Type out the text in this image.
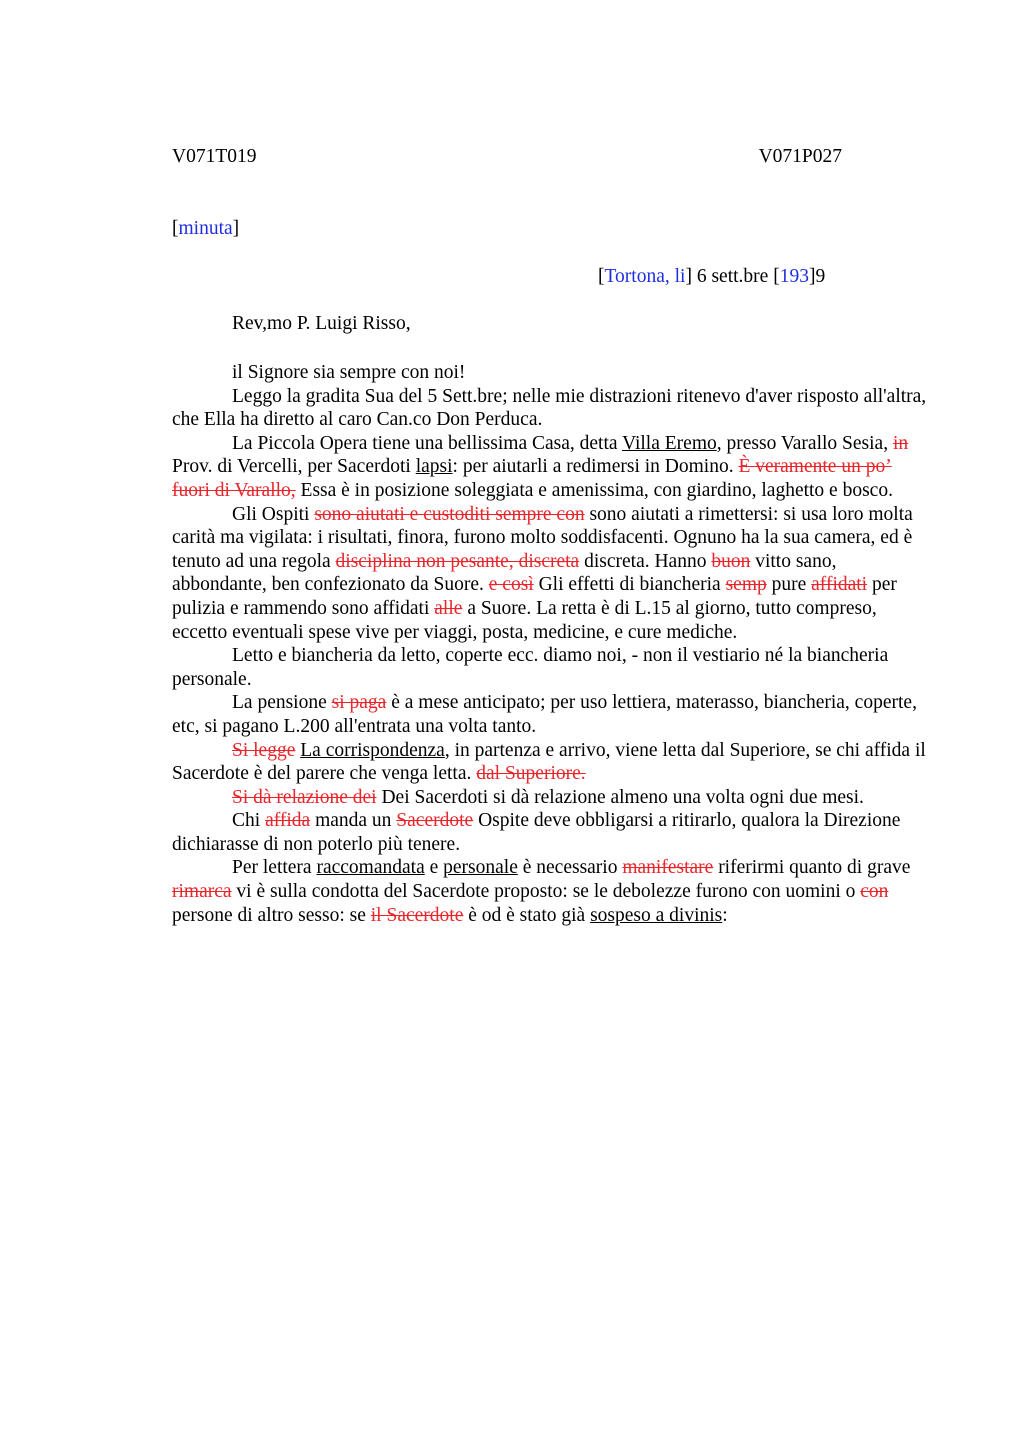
V071T019	V071P027
[minuta]
[Tortona, li] 6 sett.bre [193]9
Rev,mo P. Luigi Risso,

il Signore sia sempre con noi!

Leggo la gradita Sua del 5 Sett.bre; nelle mie distrazioni ritenevo d'aver risposto all'altra, che Ella ha diretto al caro Can.co Don Perduca.

La Piccola Opera tiene una bellissima Casa, detta Villa Eremo, presso Varallo Sesia, in Prov. di Vercelli, per Sacerdoti lapsi: per aiutarli a redimersi in Domino. È veramente un po’ fuori di Varallo, Essa è in posizione soleggiata e amenissima, con giardino, laghetto e bosco.

Gli Ospiti sono aiutati e custoditi sempre con sono aiutati a rimettersi: si usa loro molta carità ma vigilata: i risultati, finora, furono molto soddisfacenti. Ognuno ha la sua camera, ed è tenuto ad una regola disciplina non pesante, discreta discreta. Hanno buon vitto sano, abbondante, ben confezionato da Suore. e così Gli effetti di biancheria semp pure affidati per pulizia e rammendo sono affidati alle a Suore. La retta è di L.15 al giorno, tutto compreso, eccetto eventuali spese vive per viaggi, posta, medicine, e cure mediche.

Letto e biancheria da letto, coperte ecc. diamo noi, - non il vestiario né la biancheria personale.

La pensione si paga è a mese anticipato; per uso lettiera, materasso, biancheria, coperte, etc, si pagano L.200 all'entrata una volta tanto.

Si legge La corrispondenza, in partenza e arrivo, viene letta dal Superiore, se chi affida il Sacerdote è del parere che venga letta. dal Superiore.

Si dà relazione dei Dei Sacerdoti si dà relazione almeno una volta ogni due mesi.

Chi affida manda un Sacerdote Ospite deve obbligarsi a ritirarlo, qualora la Direzione dichiarasse di non poterlo più tenere.

Per lettera raccomandata e personale è necessario manifestare riferirmi quanto di grave rimarca vi è sulla condotta del Sacerdote proposto: se le debolezze furono con uomini o con persone di altro sesso: se il Sacerdote è od è stato già sospeso a divinis:
